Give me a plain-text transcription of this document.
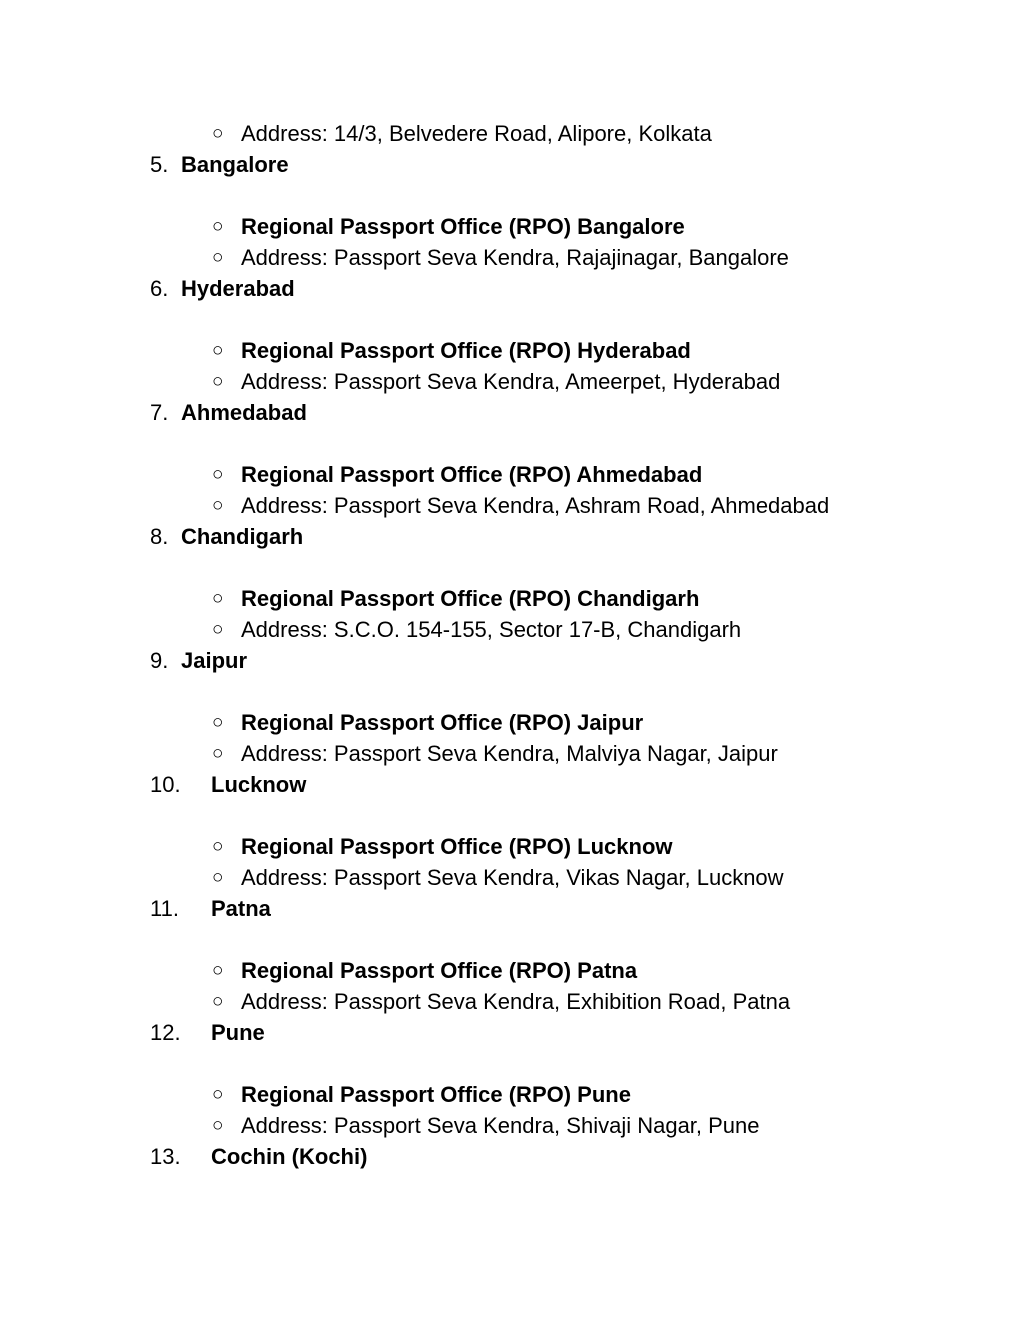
○ Address: 14/3, Belvedere Road, Alipore, Kolkata
5. Bangalore
○ Regional Passport Office (RPO) Bangalore
○ Address: Passport Seva Kendra, Rajajinagar, Bangalore
6. Hyderabad
○ Regional Passport Office (RPO) Hyderabad
○ Address: Passport Seva Kendra, Ameerpet, Hyderabad
7. Ahmedabad
○ Regional Passport Office (RPO) Ahmedabad
○ Address: Passport Seva Kendra, Ashram Road, Ahmedabad
8. Chandigarh
○ Regional Passport Office (RPO) Chandigarh
○ Address: S.C.O. 154-155, Sector 17-B, Chandigarh
9. Jaipur
○ Regional Passport Office (RPO) Jaipur
○ Address: Passport Seva Kendra, Malviya Nagar, Jaipur
10. Lucknow
○ Regional Passport Office (RPO) Lucknow
○ Address: Passport Seva Kendra, Vikas Nagar, Lucknow
11. Patna
○ Regional Passport Office (RPO) Patna
○ Address: Passport Seva Kendra, Exhibition Road, Patna
12. Pune
○ Regional Passport Office (RPO) Pune
○ Address: Passport Seva Kendra, Shivaji Nagar, Pune
13. Cochin (Kochi)
